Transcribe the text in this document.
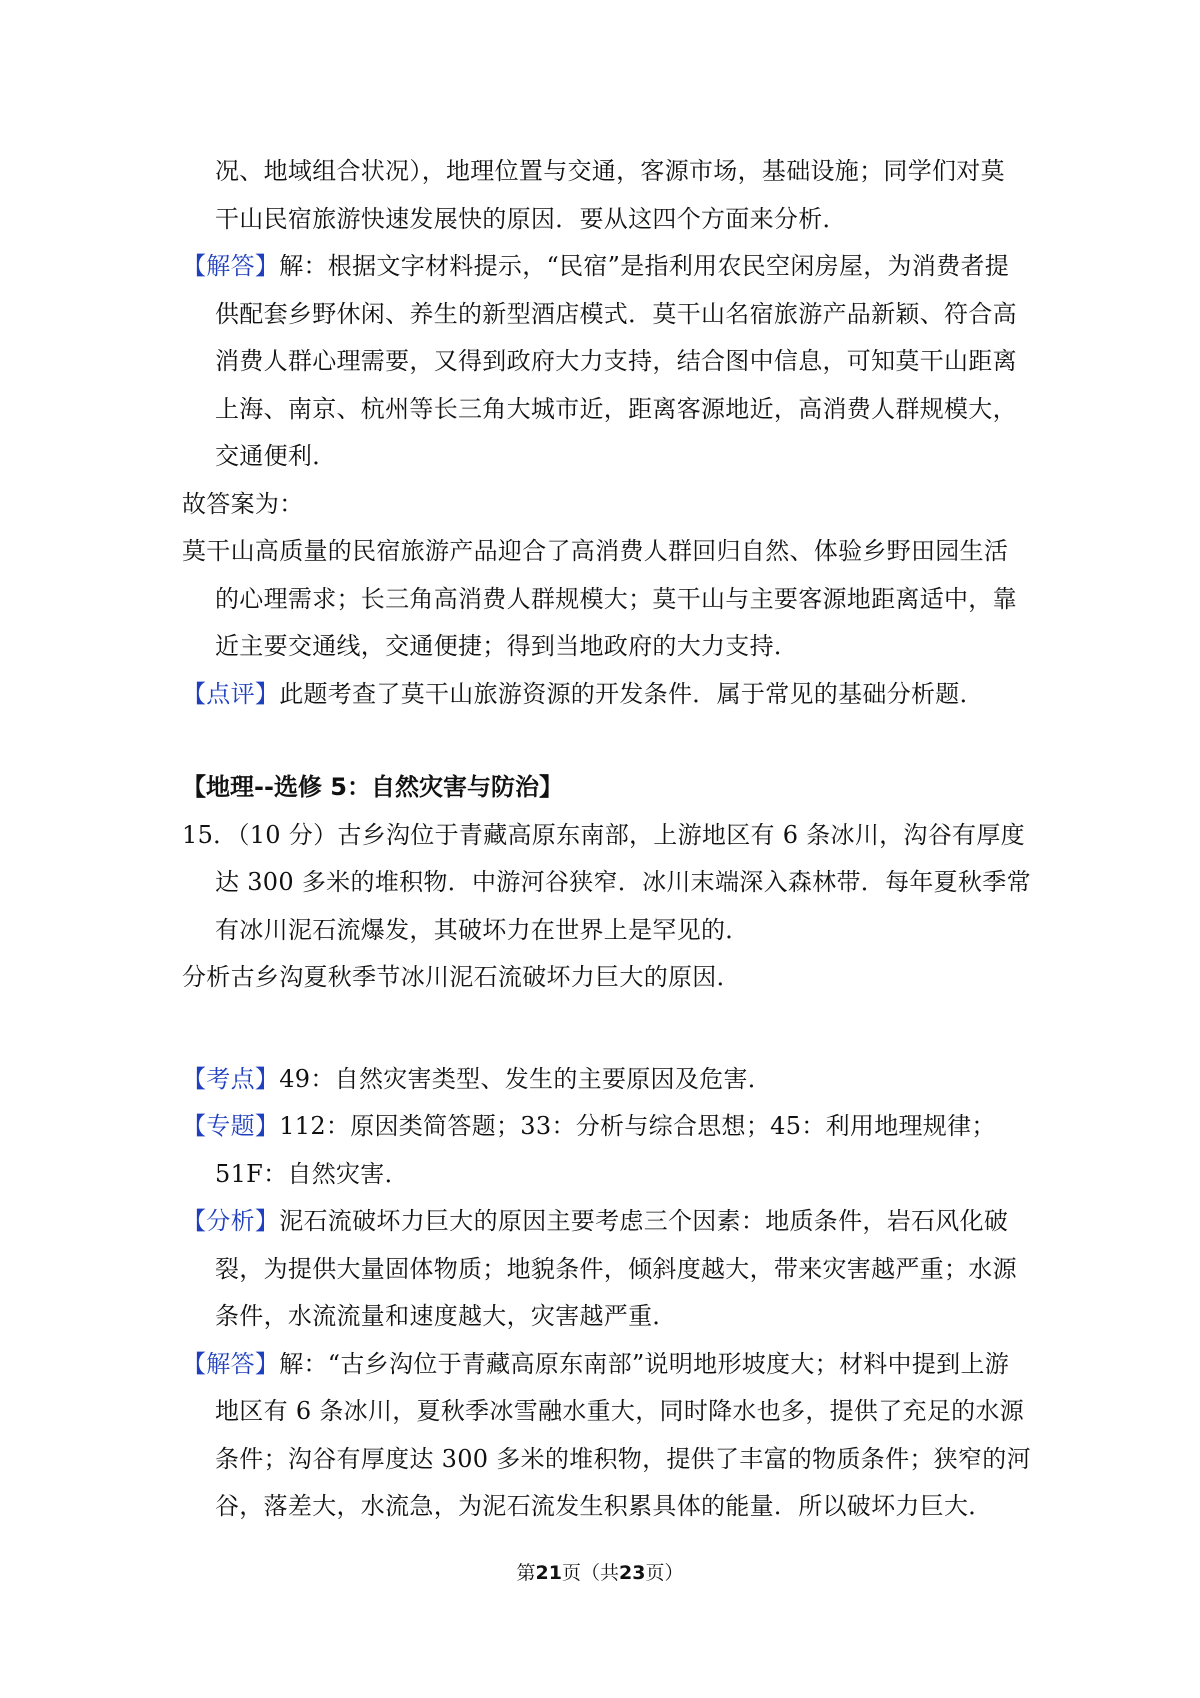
况、地域组合状况），地理位置与交通，客源市场，基础设施；同学们对莫
干山民宿旅游快速发展快的原因．要从这四个方面来分析．
【解答】解：根据文字材料提示，“民宿”是指利用农民空闲房屋，为消费者提
供配套乡野休闲、养生的新型酒店模式．莫干山名宿旅游产品新颖、符合高
消费人群心理需要，又得到政府大力支持，结合图中信息，可知莫干山距离
上海、南京、杭州等长三角大城市近，距离客源地近，高消费人群规模大，
交通便利．
故答案为：
莫干山高质量的民宿旅游产品迎合了高消费人群回归自然、体验乡野田园生活
的心理需求；长三角高消费人群规模大；莫干山与主要客源地距离适中，靠
近主要交通线，交通便捷；得到当地政府的大力支持．
【点评】此题考查了莫干山旅游资源的开发条件．属于常见的基础分析题．
【地理--选修 5：自然灾害与防治】
15．（10 分）古乡沟位于青藏高原东南部，上游地区有 6 条冰川，沟谷有厚度
达 300 多米的堆积物．中游河谷狭窄．冰川末端深入森林带．每年夏秋季常
有冰川泥石流爆发，其破坏力在世界上是罕见的．
分析古乡沟夏秋季节冰川泥石流破坏力巨大的原因．
【考点】49：自然灾害类型、发生的主要原因及危害．
【专题】112：原因类简答题；33：分析与综合思想；45：利用地理规律；
51F：自然灾害．
【分析】泥石流破坏力巨大的原因主要考虑三个因素：地质条件，岩石风化破
裂，为提供大量固体物质；地貌条件，倾斜度越大，带来灾害越严重；水源
条件，水流流量和速度越大，灾害越严重．
【解答】解：“古乡沟位于青藏高原东南部”说明地形坡度大；材料中提到上游
地区有 6 条冰川，夏秋季冰雪融水重大，同时降水也多，提供了充足的水源
条件；沟谷有厚度达 300 多米的堆积物，提供了丰富的物质条件；狭窄的河
谷，落差大，水流急，为泥石流发生积累具体的能量．所以破坏力巨大．
第21页（共23页）
